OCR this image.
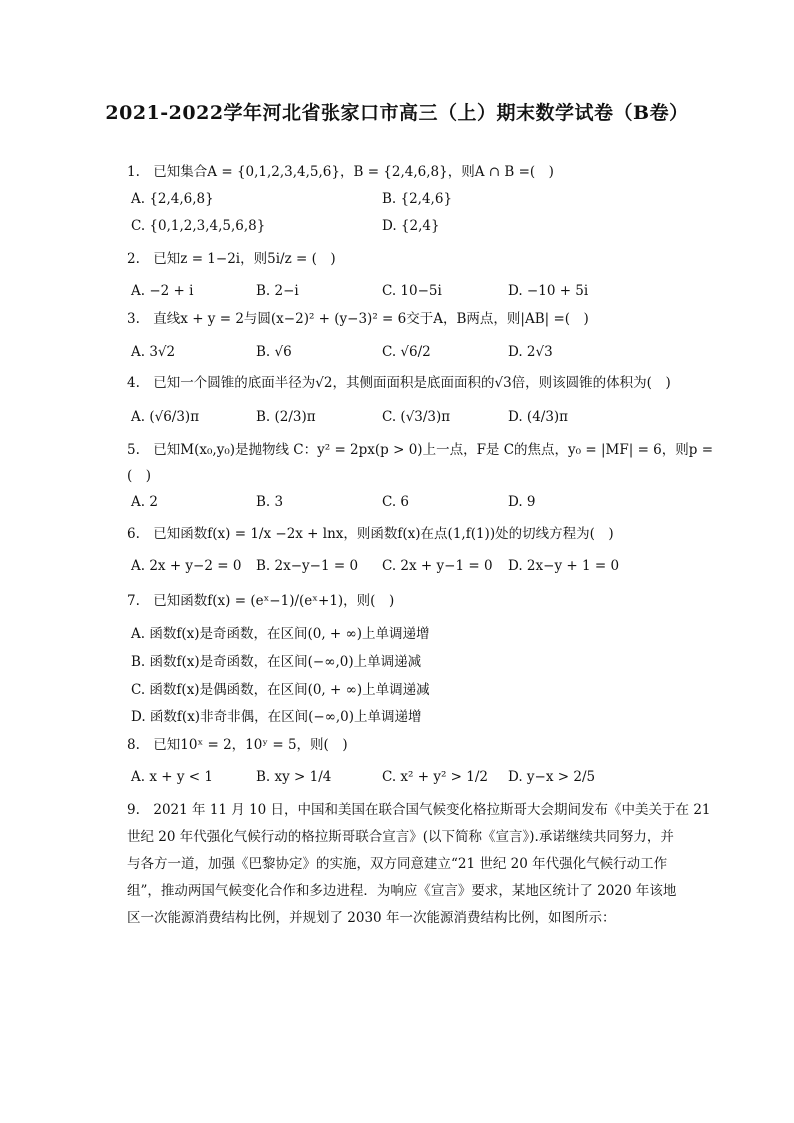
2021-2022学年河北省张家口市高三（上）期末数学试卷（B卷）
1. 已知集合A = {0,1,2,3,4,5,6}，B = {2,4,6,8}，则A ∩ B =(　)
A. {2,4,6,8}	B. {2,4,6}
C. {0,1,2,3,4,5,6,8}	D. {2,4}
2. 已知z = 1−2i，则5i/z = (　)
A. −2 + i	B. 2−i	C. 10−5i	D. −10 + 5i
3. 直线x + y = 2与圆(x−2)² + (y−3)² = 6交于A，B两点，则|AB| =(　)
A. 3√2	B. √6	C. √6/2	D. 2√3
4. 已知一个圆锥的底面半径为√2，其侧面面积是底面面积的√3倍，则该圆锥的体积为(　)
A. (√6/3)π	B. (2/3)π	C. (√3/3)π	D. (4/3)π
5. 已知M(x₀,y₀)是抛物线 C：y² = 2px(p > 0)上一点，F是 C的焦点，y₀ = |MF| = 6，则p =
(　)
A. 2	B. 3	C. 6	D. 9
6. 已知函数f(x) = 1/x −2x + lnx，则函数f(x)在点(1,f(1))处的切线方程为(　)
A. 2x + y−2 = 0 B. 2x−y−1 = 0 C. 2x + y−1 = 0 D. 2x−y + 1 = 0
7. 已知函数f(x) = (eˣ−1)/(eˣ+1)，则(　)
A. 函数f(x)是奇函数，在区间(0, + ∞)上单调递增
B. 函数f(x)是奇函数，在区间(−∞,0)上单调递减
C. 函数f(x)是偶函数，在区间(0, + ∞)上单调递减
D. 函数f(x)非奇非偶，在区间(−∞,0)上单调递增
8. 已知10ˣ = 2，10ʸ = 5，则(　)
A. x + y < 1	B. xy > 1/4	C. x² + y² > 1/2 D. y−x > 2/5
9.　2021 年 11 月 10 日，中国和美国在联合国气候变化格拉斯哥大会期间发布《中美关于在 21
世纪 20 年代强化气候行动的格拉斯哥联合宣言》(以下简称《宣言》).承诺继续共同努力，并
与各方一道，加强《巴黎协定》的实施，双方同意建立“21 世纪 20 年代强化气候行动工作
组”，推动两国气候变化合作和多边进程．为响应《宣言》要求，某地区统计了 2020 年该地
区一次能源消费结构比例，并规划了 2030 年一次能源消费结构比例，如图所示：
